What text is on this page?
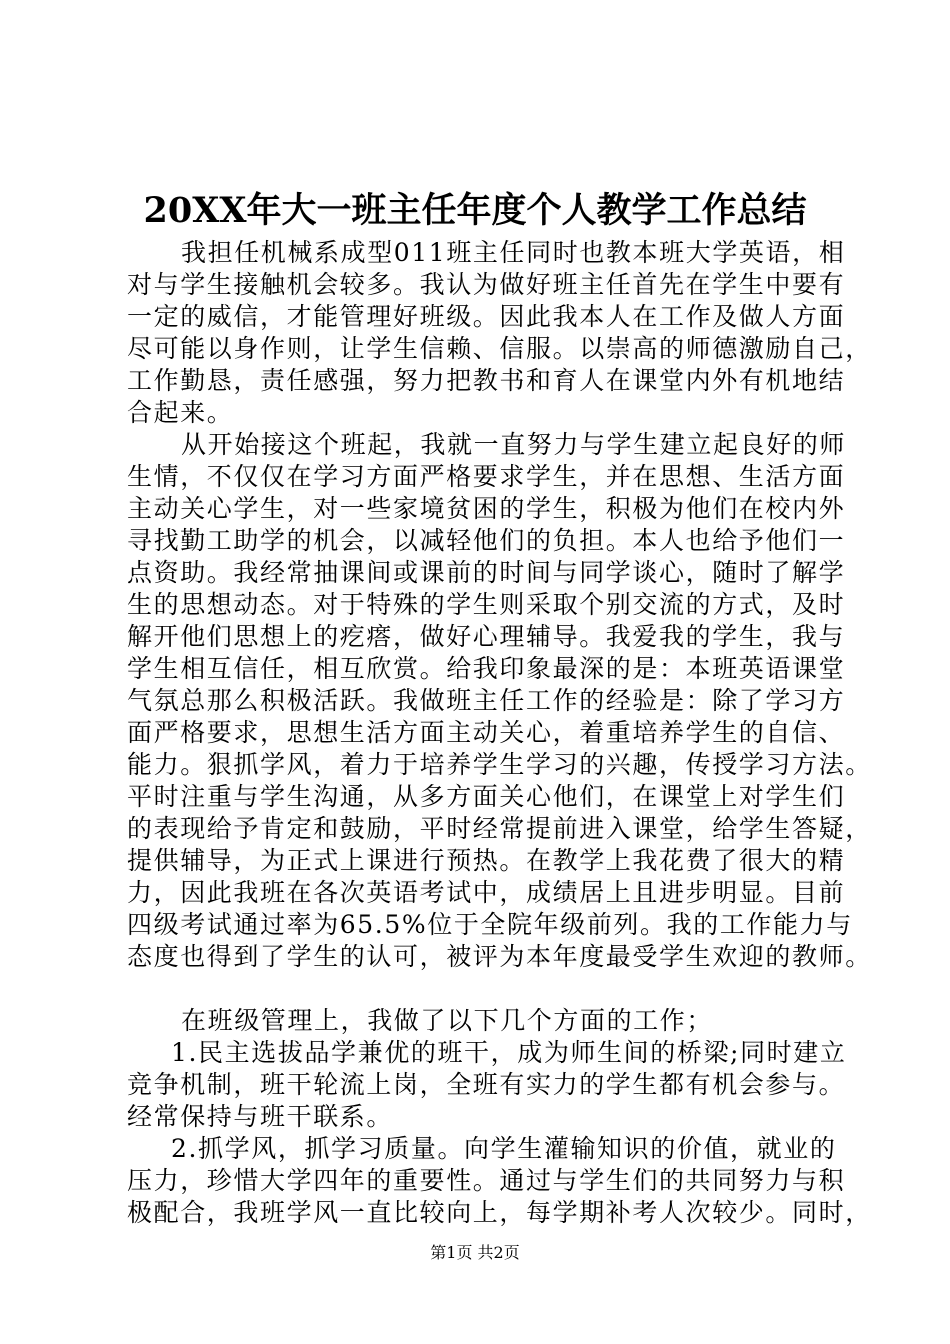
20XX年大一班主任年度个人教学工作总结
我担任机械系成型011班主任同时也教本班大学英语，相
对与学生接触机会较多。我认为做好班主任首先在学生中要有
一定的威信，才能管理好班级。因此我本人在工作及做人方面
尽可能以身作则，让学生信赖、信服。以崇高的师德激励自己，
工作勤恳，责任感强，努力把教书和育人在课堂内外有机地结
合起来。
从开始接这个班起，我就一直努力与学生建立起良好的师
生情，不仅仅在学习方面严格要求学生，并在思想、生活方面
主动关心学生，对一些家境贫困的学生，积极为他们在校内外
寻找勤工助学的机会，以减轻他们的负担。本人也给予他们一
点资助。我经常抽课间或课前的时间与同学谈心，随时了解学
生的思想动态。对于特殊的学生则采取个别交流的方式，及时
解开他们思想上的疙瘩，做好心理辅导。我爱我的学生，我与
学生相互信任，相互欣赏。给我印象最深的是：本班英语课堂
气氛总那么积极活跃。我做班主任工作的经验是：除了学习方
面严格要求，思想生活方面主动关心，着重培养学生的自信、
能力。狠抓学风，着力于培养学生学习的兴趣，传授学习方法。
平时注重与学生沟通，从多方面关心他们，在课堂上对学生们
的表现给予肯定和鼓励，平时经常提前进入课堂，给学生答疑，
提供辅导，为正式上课进行预热。在教学上我花费了很大的精
力，因此我班在各次英语考试中，成绩居上且进步明显。目前
四级考试通过率为65.5%位于全院年级前列。我的工作能力与
态度也得到了学生的认可，被评为本年度最受学生欢迎的教师。
在班级管理上，我做了以下几个方面的工作；
1.民主选拔品学兼优的班干，成为师生间的桥梁;同时建立
竞争机制，班干轮流上岗，全班有实力的学生都有机会参与。
经常保持与班干联系。
2.抓学风，抓学习质量。向学生灌输知识的价值，就业的
压力，珍惜大学四年的重要性。通过与学生们的共同努力与积
极配合，我班学风一直比较向上，每学期补考人次较少。同时，
第1页 共2页
